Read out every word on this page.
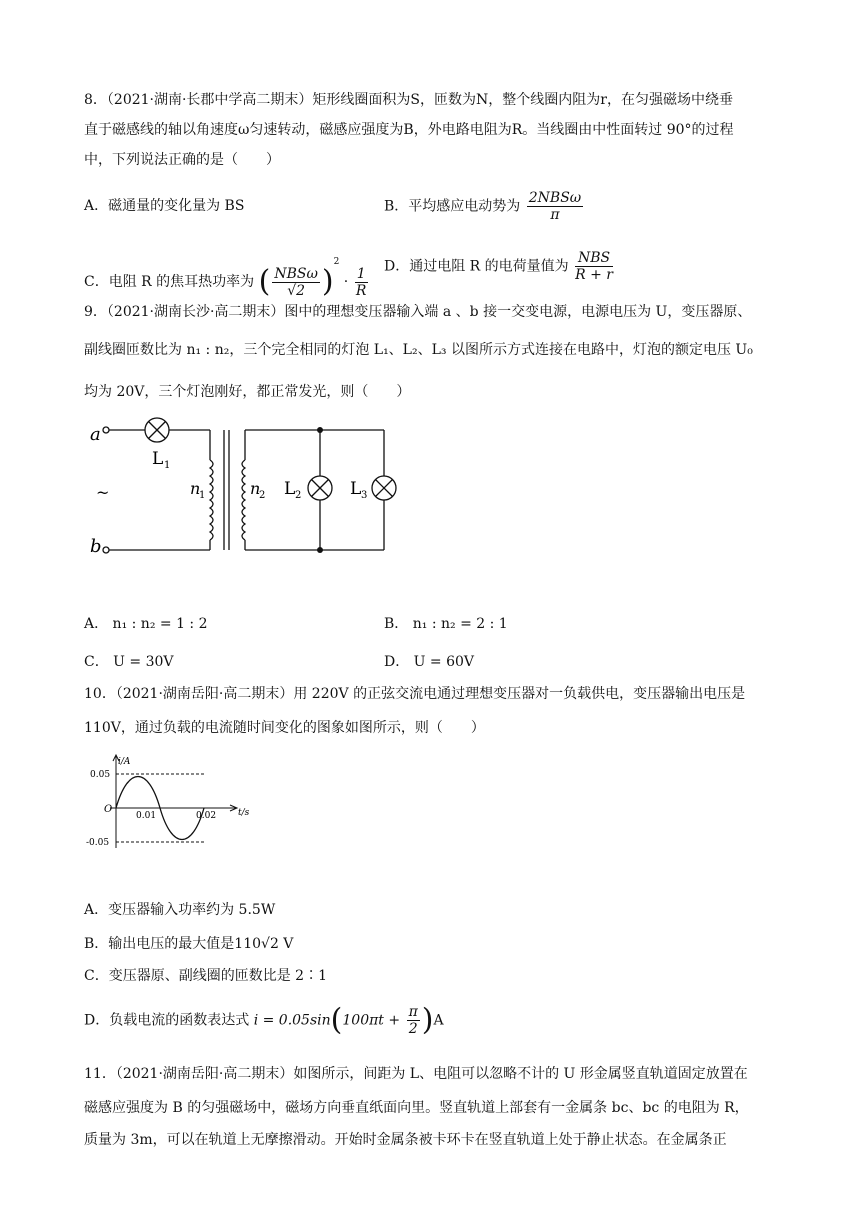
8．（2021·湖南·长郡中学高二期末）矩形线圈面积为S，匝数为N，整个线圈内阻为r，在匀强磁场中绕垂
直于磁感线的轴以角速度ω匀速转动，磁感应强度为B，外电路电阻为R。当线圈由中性面转过 90°的过程
中，下列说法正确的是（　　）
A．磁通量的变化量为 BS	B．平均感应电动势为 $\frac{\text{2NBSω}}{\pi}$
C．电阻 R 的焦耳热功率为 ( $\frac{\text{NBSω}}{√2} )^2 \cdot \frac{1}{R}$ D．通过电阻 R 的电荷量值为 $\frac{\text{NBS}}{R + r}$
9．（2021·湖南长沙·高二期末）图中的理想变压器输入端 a 、b 接一交变电源，电源电压为 U，变压器原、
副线圈匝数比为 n₁ : n₂，三个完全相同的灯泡 L₁、L₂、L₃ 以图所示方式连接在电路中，灯泡的额定电压 U₀
均为 20V，三个灯泡刚好，都正常发光，则（　　）
a
b
~
L 1
n
1	n
2 L 2	L 3
A． n₁ : n₂ = 1 : 2	B． n₁ : n₂ = 2 : 1
C． U = 30V	D． U = 60V
10．（2021·湖南岳阳·高二期末）用 220V 的正弦交流电通过理想变压器对一负载供电，变压器输出电压是
110V，通过负载的电流随时间变化的图象如图所示，则（　　）
i/A
t/s
O
0.05
-0.05
0.01	0.02
A．变压器输入功率约为 5.5W
B．输出电压的最大值是110√2 V
C．变压器原、副线圈的匝数比是 2∶1
D．负载电流的函数表达式 $i = 0.05\sin(100\pi t + \frac{\pi}{2} )A$
11．（2021·湖南岳阳·高二期末）如图所示，间距为 L、电阻可以忽略不计的 U 形金属竖直轨道固定放置在
磁感应强度为 B 的匀强磁场中，磁场方向垂直纸面向里。竖直轨道上部套有一金属条 bc、bc 的电阻为 R，
质量为 3m，可以在轨道上无摩擦滑动。开始时金属条被卡环卡在竖直轨道上处于静止状态。在金属条正
